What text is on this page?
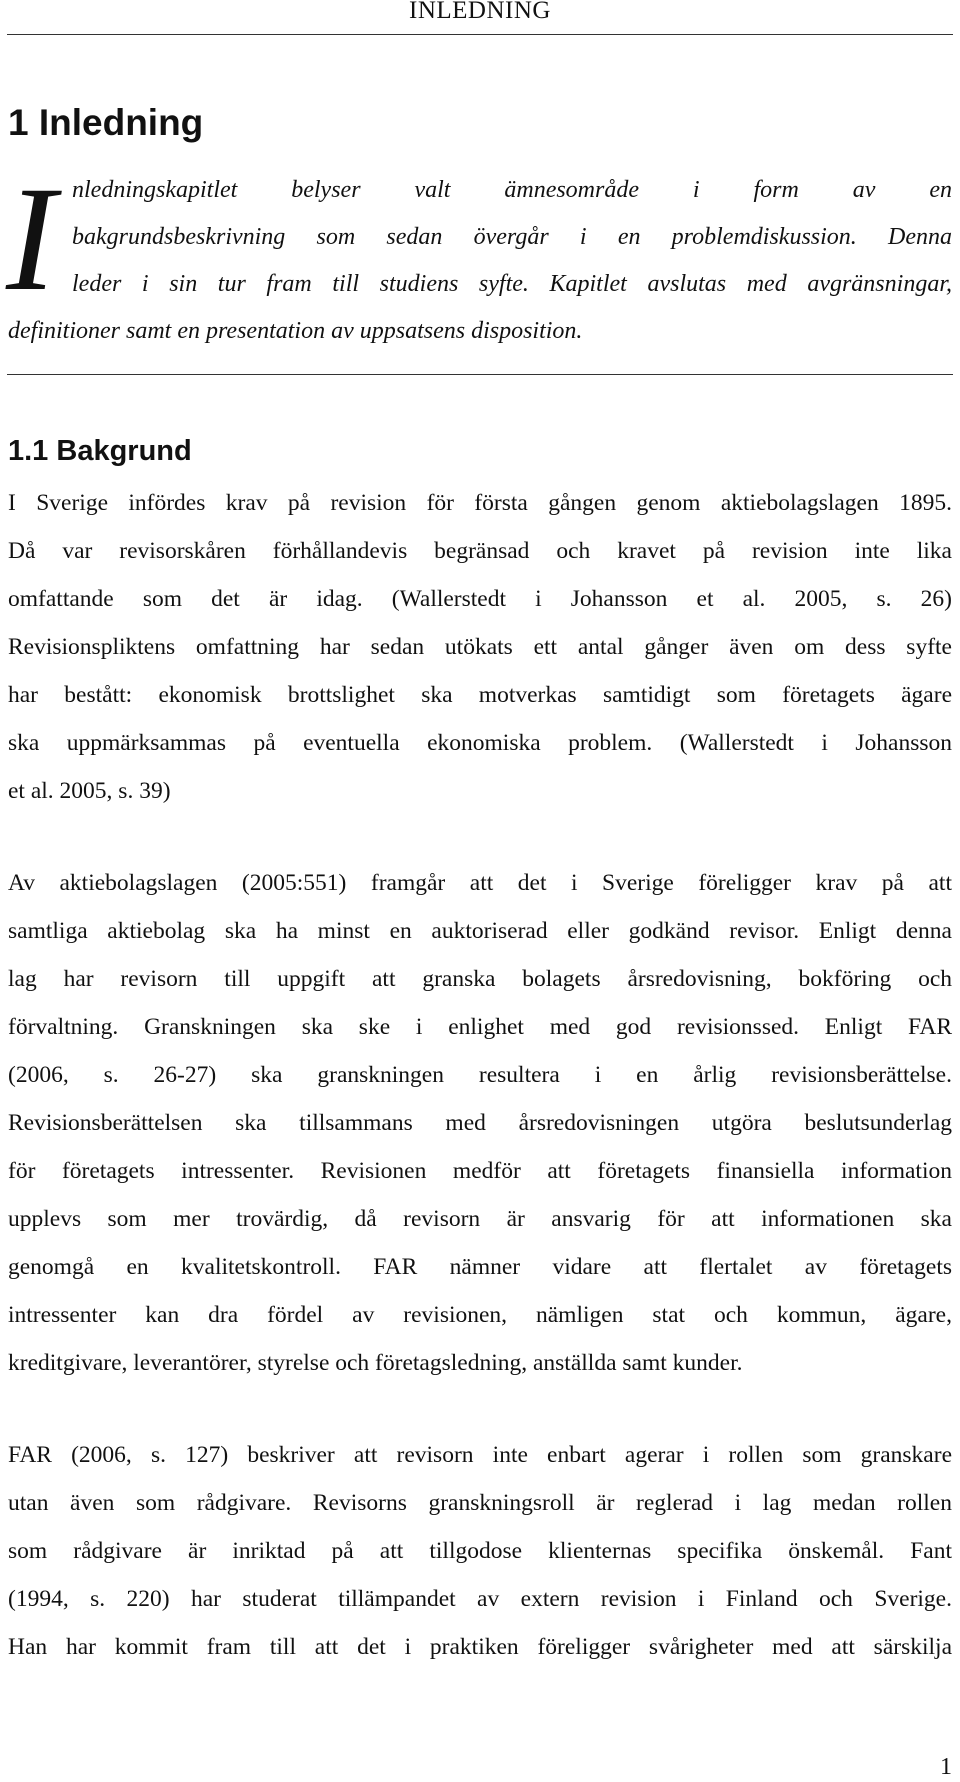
INLEDNING
1 Inledning
I nledningskapitlet belyser valt ämnesområde i form av en
bakgrundsbeskrivning som sedan övergår i en problemdiskussion. Denna
leder i sin tur fram till studiens syfte. Kapitlet avslutas med avgränsningar,
definitioner samt en presentation av uppsatsens disposition.
1.1 Bakgrund
I Sverige infördes krav på revision för första gången genom aktiebolagslagen 1895.
Då var revisorskåren förhållandevis begränsad och kravet på revision inte lika
omfattande som det är idag. (Wallerstedt i Johansson et al. 2005, s. 26)
Revisionspliktens omfattning har sedan utökats ett antal gånger även om dess syfte
har bestått: ekonomisk brottslighet ska motverkas samtidigt som företagets ägare
ska uppmärksammas på eventuella ekonomiska problem. (Wallerstedt i Johansson
et al. 2005, s. 39)
Av aktiebolagslagen (2005:551) framgår att det i Sverige föreligger krav på att
samtliga aktiebolag ska ha minst en auktoriserad eller godkänd revisor. Enligt denna
lag har revisorn till uppgift att granska bolagets årsredovisning, bokföring och
förvaltning. Granskningen ska ske i enlighet med god revisionssed. Enligt FAR
(2006, s. 26-27) ska granskningen resultera i en årlig revisionsberättelse.
Revisionsberättelsen ska tillsammans med årsredovisningen utgöra beslutsunderlag
för företagets intressenter. Revisionen medför att företagets finansiella information
upplevs som mer trovärdig, då revisorn är ansvarig för att informationen ska
genomgå en kvalitetskontroll. FAR nämner vidare att flertalet av företagets
intressenter kan dra fördel av revisionen, nämligen stat och kommun, ägare,
kreditgivare, leverantörer, styrelse och företagsledning, anställda samt kunder.
FAR (2006, s. 127) beskriver att revisorn inte enbart agerar i rollen som granskare
utan även som rådgivare. Revisorns granskningsroll är reglerad i lag medan rollen
som rådgivare är inriktad på att tillgodose klienternas specifika önskemål. Fant
(1994, s. 220) har studerat tillämpandet av extern revision i Finland och Sverige.
Han har kommit fram till att det i praktiken föreligger svårigheter med att särskilja
1
